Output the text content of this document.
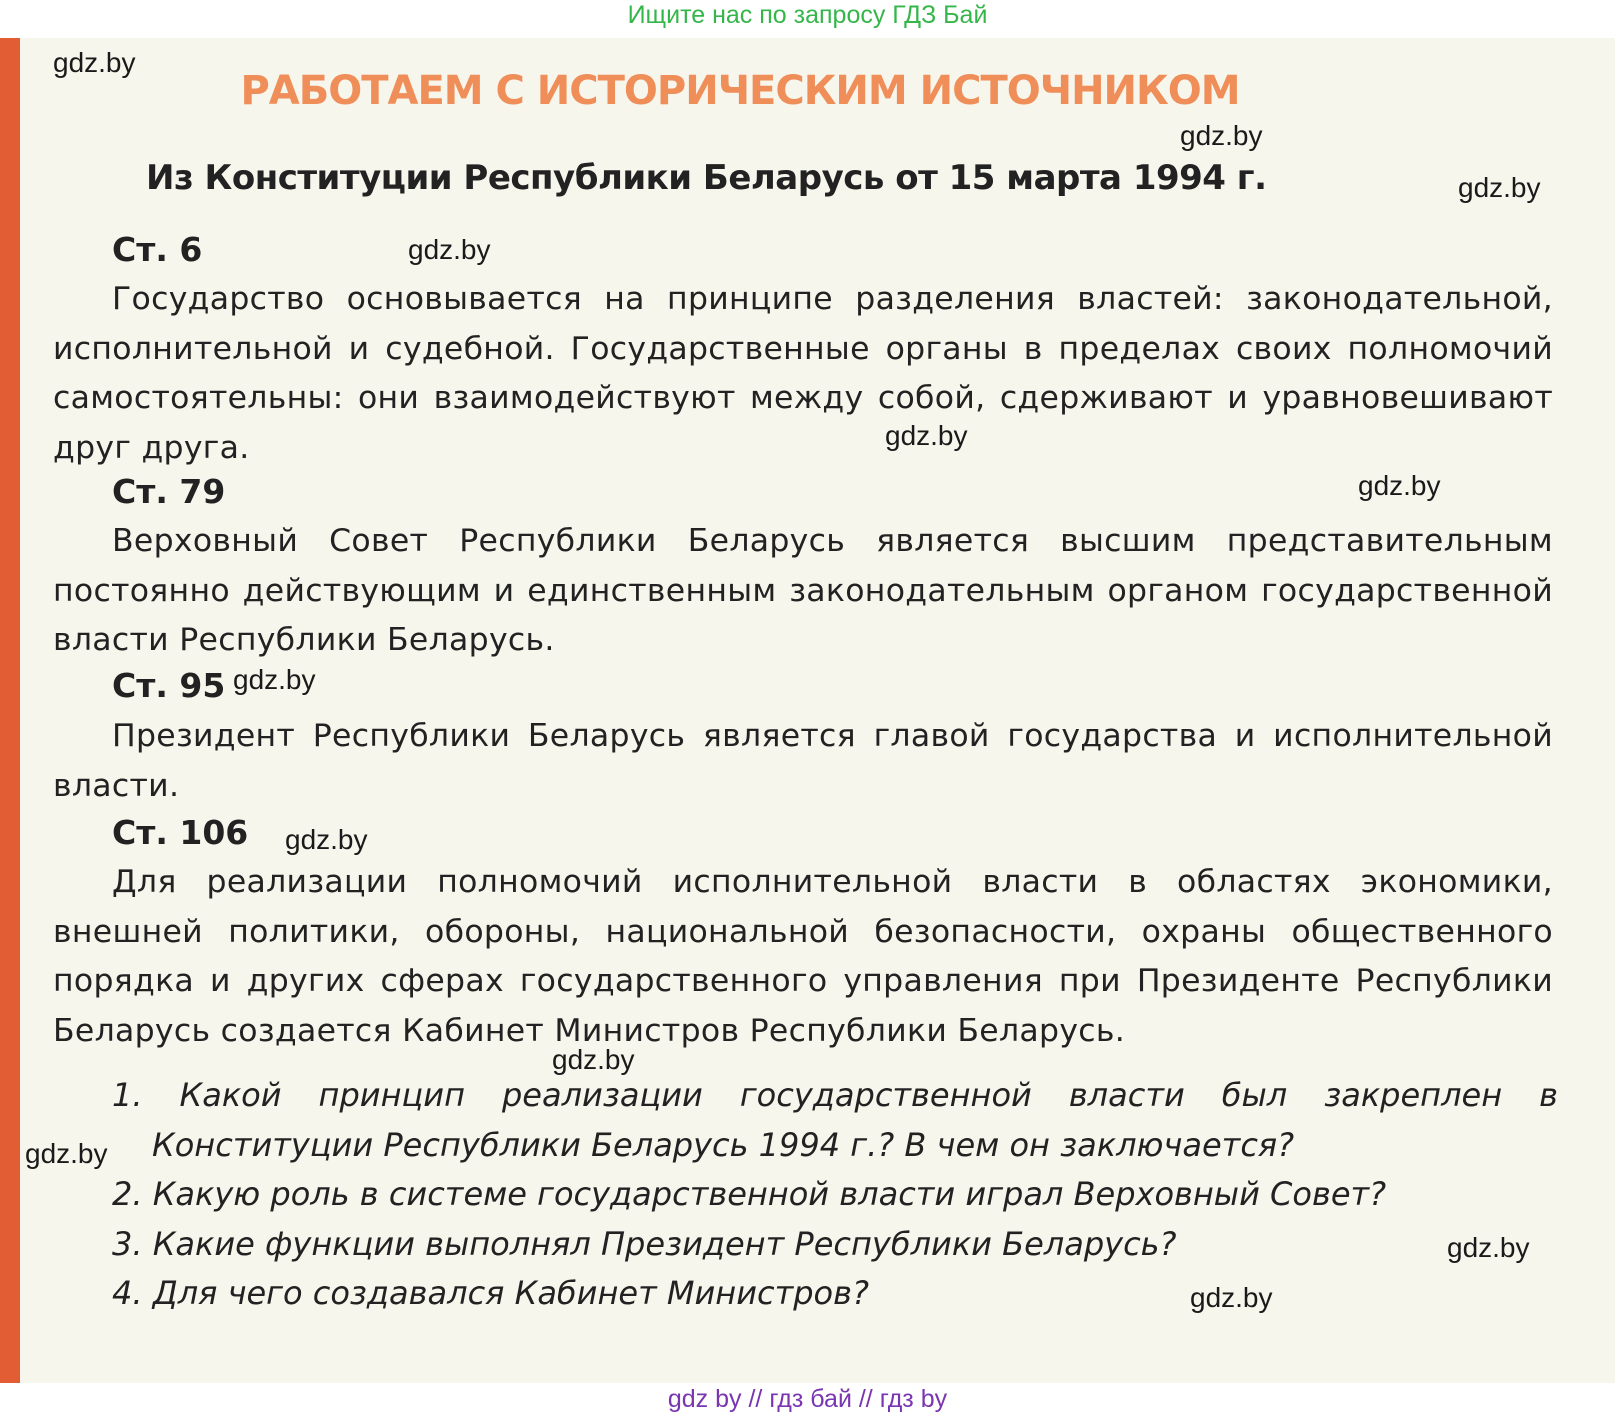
Ищите нас по запросу ГДЗ Бай
РАБОТАЕМ С ИСТОРИЧЕСКИМ ИСТОЧНИКОМ
Из Конституции Республики Беларусь от 15 марта 1994 г.
Ст. 6

Государство основывается на принципе разделения властей: законодательной, исполнительной и судебной. Государственные органы в пределах своих полномочий самостоятельны: они взаимодействуют между собой, сдерживают и уравновешивают друг друга.

Ст. 79

Верховный Совет Республики Беларусь является высшим представительным постоянно действующим и единственным законодательным органом государственной власти Республики Беларусь.

Ст. 95

Президент Республики Беларусь является главой государства и исполнительной власти.

Ст. 106

Для реализации полномочий исполнительной власти в областях экономики, внешней политики, обороны, национальной безопасности, охраны общественного порядка и других сферах государственного управления при Президенте Республики Беларусь создается Кабинет Министров Республики Беларусь.

1. Какой принцип реализации государственной власти был закреплен в Конституции Республики Беларусь 1994 г.? В чем он заключается?
2. Какую роль в системе государственной власти играл Верховный Совет?
3. Какие функции выполнял Президент Республики Беларусь?
4. Для чего создавался Кабинет Министров?
gdz.by
gdz.by
gdz.by
gdz.by
gdz.by
gdz.by
gdz.by
gdz.by
gdz.by
gdz.by
gdz.by
gdz.by
gdz by // гдз бай // гдз by
